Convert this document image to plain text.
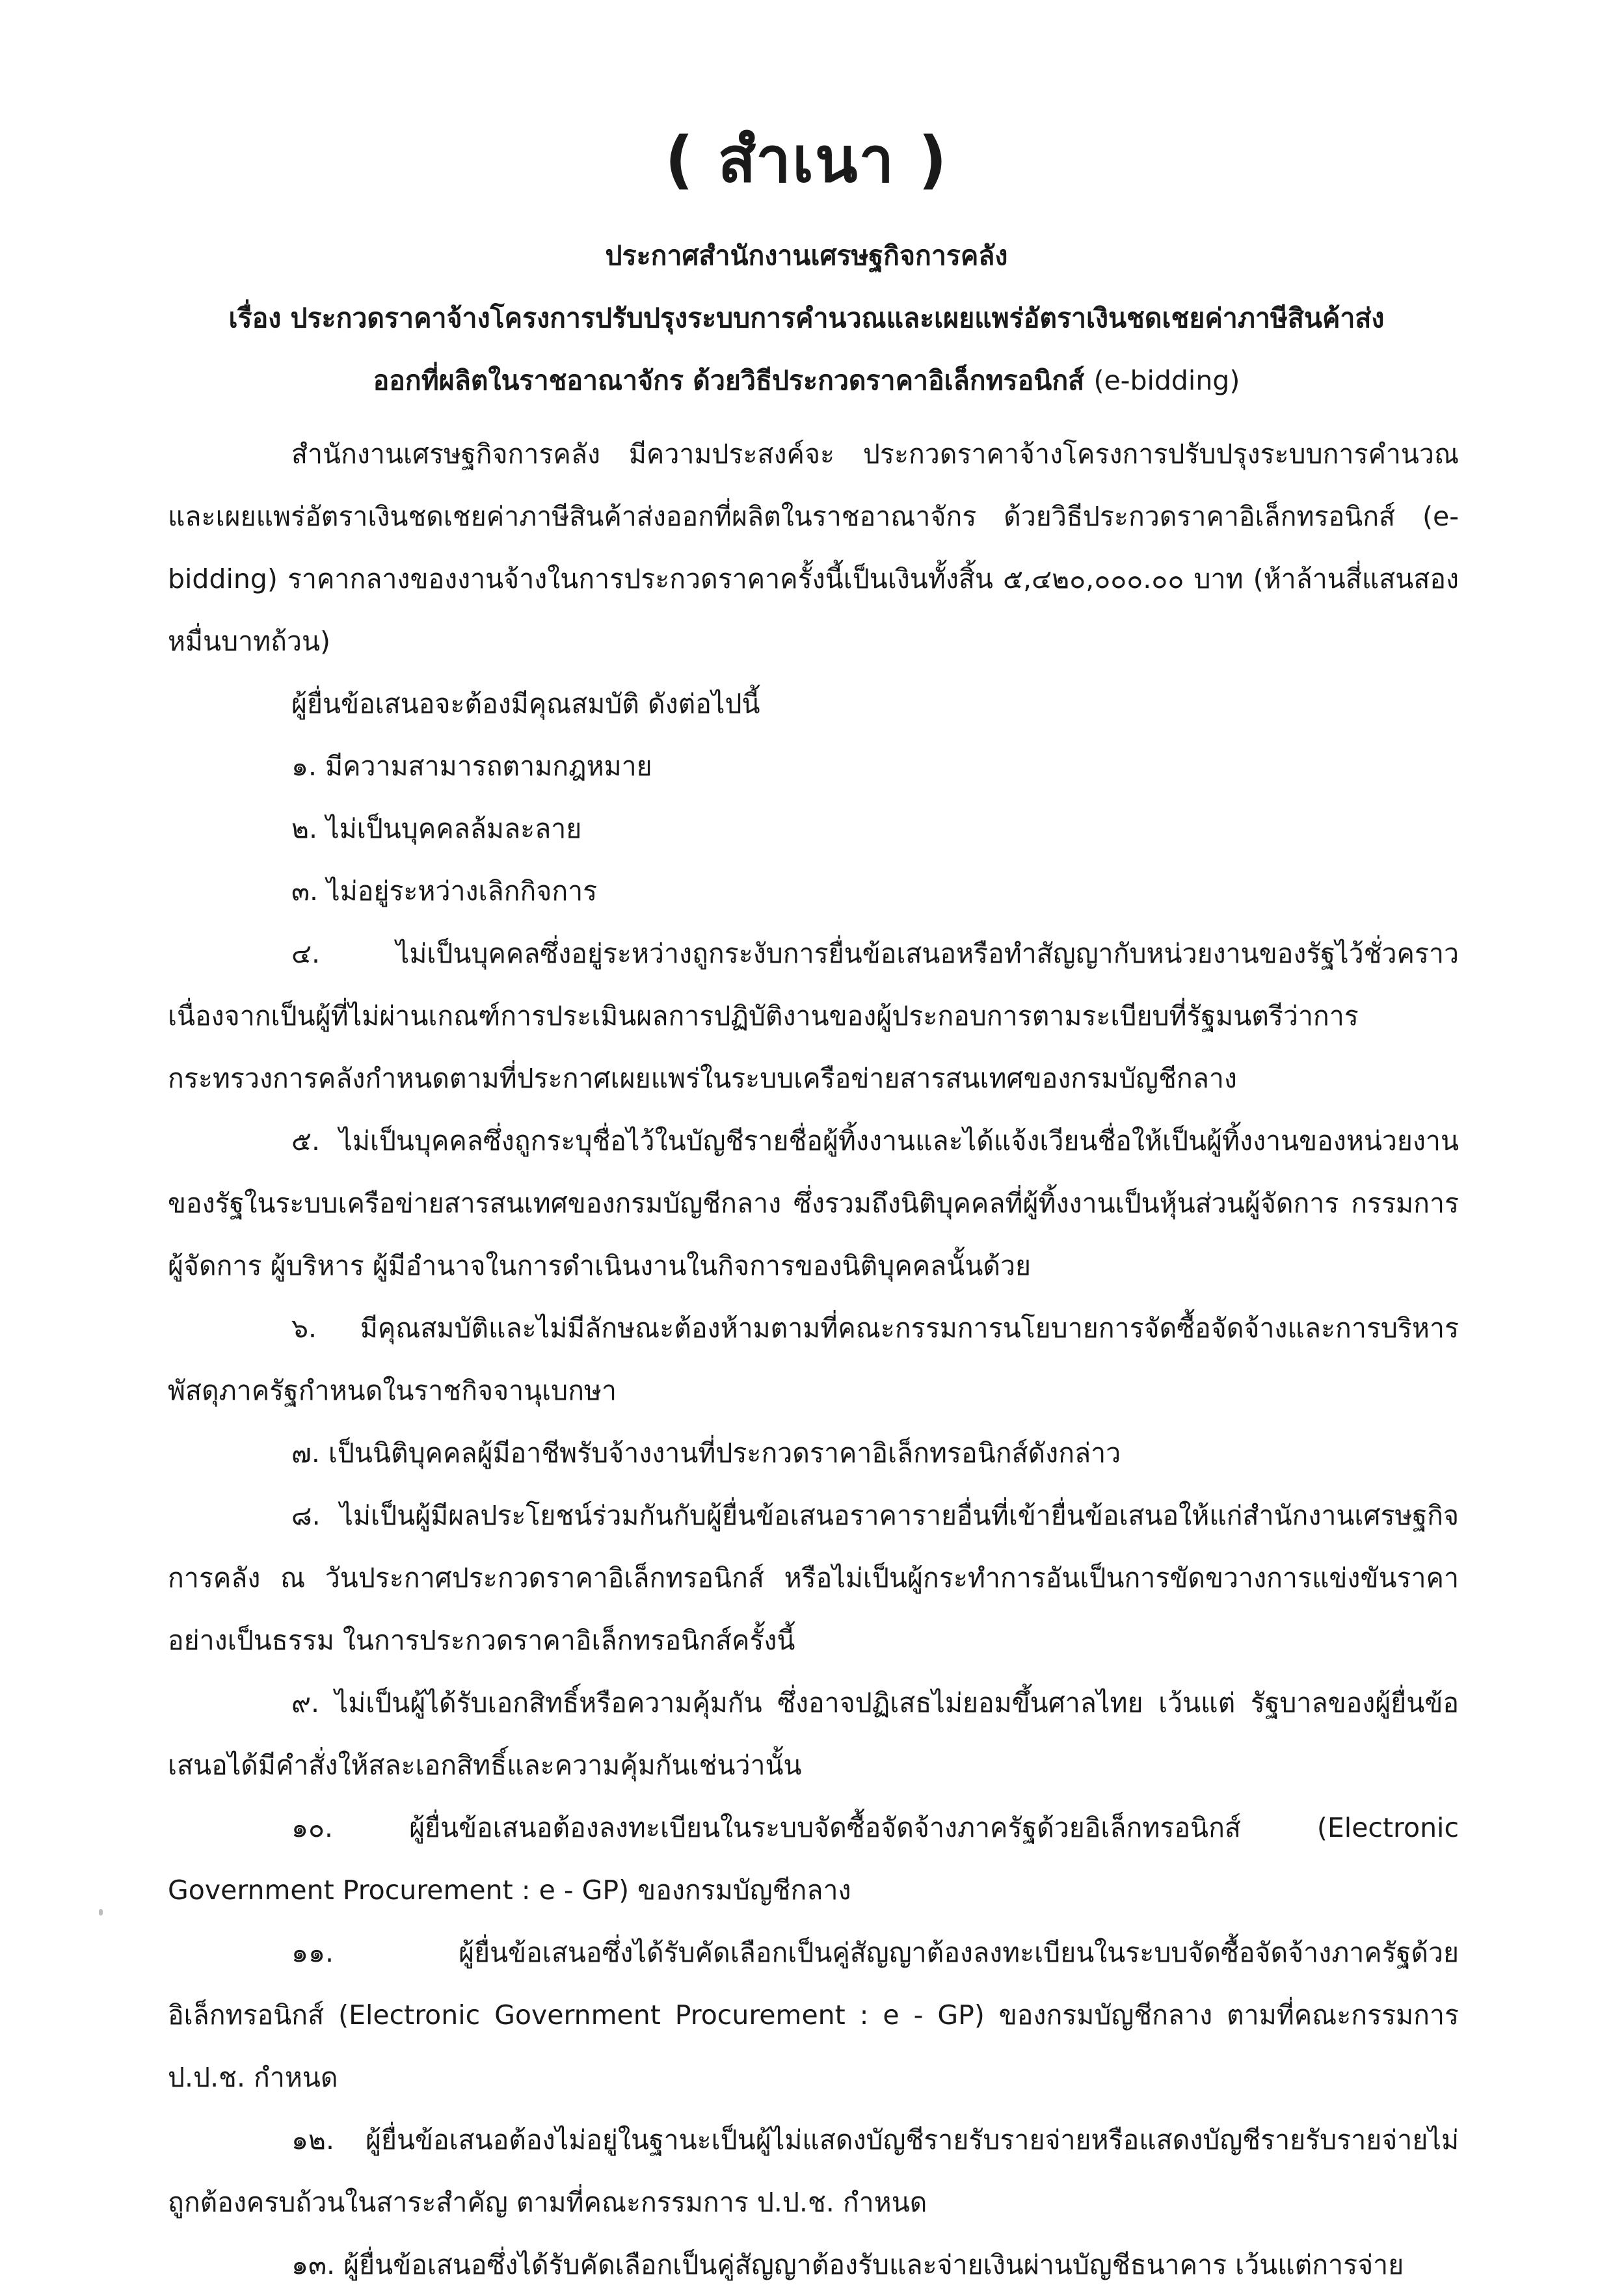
( สำเนา )
ประกาศสำนักงานเศรษฐกิจการคลัง
เรื่อง ประกวดราคาจ้างโครงการปรับปรุงระบบการคำนวณและเผยแพร่อัตราเงินชดเชยค่าภาษีสินค้าส่ง
ออกที่ผลิตในราชอาณาจักร ด้วยวิธีประกวดราคาอิเล็กทรอนิกส์ (e-bidding)

สำนักงานเศรษฐกิจการคลัง มีความประสงค์จะ ประกวดราคาจ้างโครงการปรับปรุงระบบการคำนวณและเผยแพร่อัตราเงินชดเชยค่าภาษีสินค้าส่งออกที่ผลิตในราชอาณาจักร ด้วยวิธีประกวดราคาอิเล็กทรอนิกส์ (e-bidding) ราคากลางของงานจ้างในการประกวดราคาครั้งนี้เป็นเงินทั้งสิ้น ๕,๔๒๐,๐๐๐.๐๐ บาท (ห้าล้านสี่แสนสองหมื่นบาทถ้วน)

ผู้ยื่นข้อเสนอจะต้องมีคุณสมบัติ ดังต่อไปนี้

๑. มีความสามารถตามกฎหมาย

๒. ไม่เป็นบุคคลล้มละลาย

๓. ไม่อยู่ระหว่างเลิกกิจการ

๔. ไม่เป็นบุคคลซึ่งอยู่ระหว่างถูกระงับการยื่นข้อเสนอหรือทำสัญญากับหน่วยงานของรัฐไว้ชั่วคราวเนื่องจากเป็นผู้ที่ไม่ผ่านเกณฑ์การประเมินผลการปฏิบัติงานของผู้ประกอบการตามระเบียบที่รัฐมนตรีว่าการกระทรวงการคลังกำหนดตามที่ประกาศเผยแพร่ในระบบเครือข่ายสารสนเทศของกรมบัญชีกลาง

๕. ไม่เป็นบุคคลซึ่งถูกระบุชื่อไว้ในบัญชีรายชื่อผู้ทิ้งงานและได้แจ้งเวียนชื่อให้เป็นผู้ทิ้งงานของหน่วยงานของรัฐในระบบเครือข่ายสารสนเทศของกรมบัญชีกลาง ซึ่งรวมถึงนิติบุคคลที่ผู้ทิ้งงานเป็นหุ้นส่วนผู้จัดการ กรรมการผู้จัดการ ผู้บริหาร ผู้มีอำนาจในการดำเนินงานในกิจการของนิติบุคคลนั้นด้วย

๖. มีคุณสมบัติและไม่มีลักษณะต้องห้ามตามที่คณะกรรมการนโยบายการจัดซื้อจัดจ้างและการบริหารพัสดุภาครัฐกำหนดในราชกิจจานุเบกษา

๗. เป็นนิติบุคคลผู้มีอาชีพรับจ้างงานที่ประกวดราคาอิเล็กทรอนิกส์ดังกล่าว

๘. ไม่เป็นผู้มีผลประโยชน์ร่วมกันกับผู้ยื่นข้อเสนอราคารายอื่นที่เข้ายื่นข้อเสนอให้แก่สำนักงานเศรษฐกิจการคลัง ณ วันประกาศประกวดราคาอิเล็กทรอนิกส์ หรือไม่เป็นผู้กระทำการอันเป็นการขัดขวางการแข่งขันราคาอย่างเป็นธรรม ในการประกวดราคาอิเล็กทรอนิกส์ครั้งนี้

๙. ไม่เป็นผู้ได้รับเอกสิทธิ์หรือความคุ้มกัน ซึ่งอาจปฏิเสธไม่ยอมขึ้นศาลไทย เว้นแต่ รัฐบาลของผู้ยื่นข้อเสนอได้มีคำสั่งให้สละเอกสิทธิ์และความคุ้มกันเช่นว่านั้น

๑๐. ผู้ยื่นข้อเสนอต้องลงทะเบียนในระบบจัดซื้อจัดจ้างภาครัฐด้วยอิเล็กทรอนิกส์ (Electronic Government Procurement : e - GP) ของกรมบัญชีกลาง

๑๑. ผู้ยื่นข้อเสนอซึ่งได้รับคัดเลือกเป็นคู่สัญญาต้องลงทะเบียนในระบบจัดซื้อจัดจ้างภาครัฐด้วยอิเล็กทรอนิกส์ (Electronic Government Procurement : e - GP) ของกรมบัญชีกลาง ตามที่คณะกรรมการ ป.ป.ช. กำหนด

๑๒. ผู้ยื่นข้อเสนอต้องไม่อยู่ในฐานะเป็นผู้ไม่แสดงบัญชีรายรับรายจ่ายหรือแสดงบัญชีรายรับรายจ่ายไม่ถูกต้องครบถ้วนในสาระสำคัญ ตามที่คณะกรรมการ ป.ป.ช. กำหนด

๑๓. ผู้ยื่นข้อเสนอซึ่งได้รับคัดเลือกเป็นคู่สัญญาต้องรับและจ่ายเงินผ่านบัญชีธนาคาร เว้นแต่การจ่าย
